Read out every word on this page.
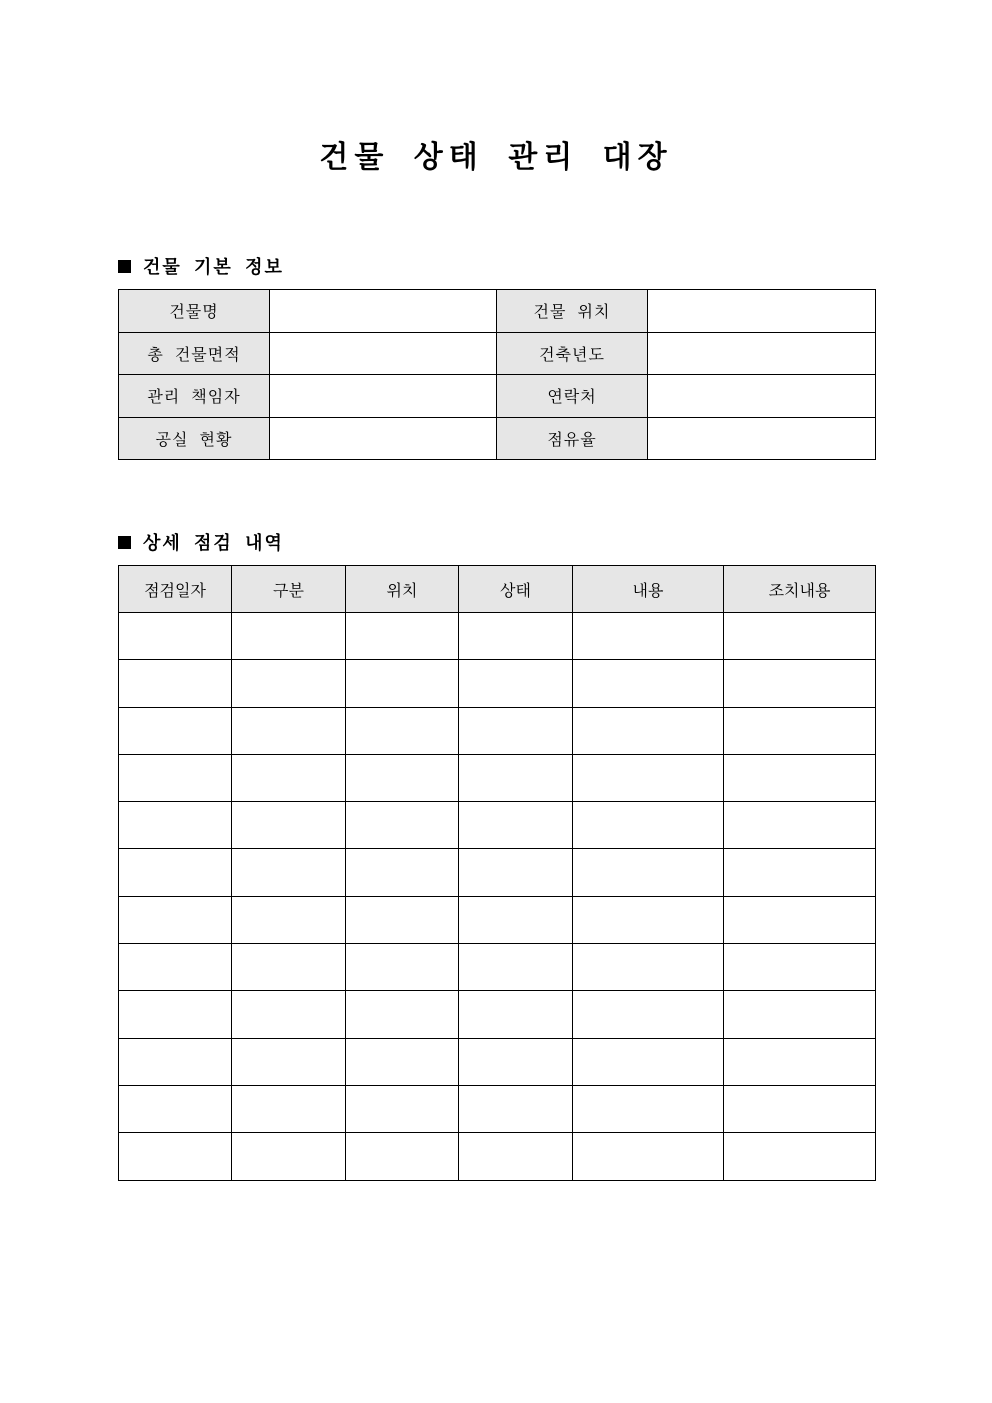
건물 상태 관리 대장
건물 기본 정보
건물명		건물 위치	
총 건물면적		건축년도	
관리 책임자		연락처	
공실 현황		점유율	
상세 점검 내역
점검일자	구분	위치	상태	내용	조치내용
